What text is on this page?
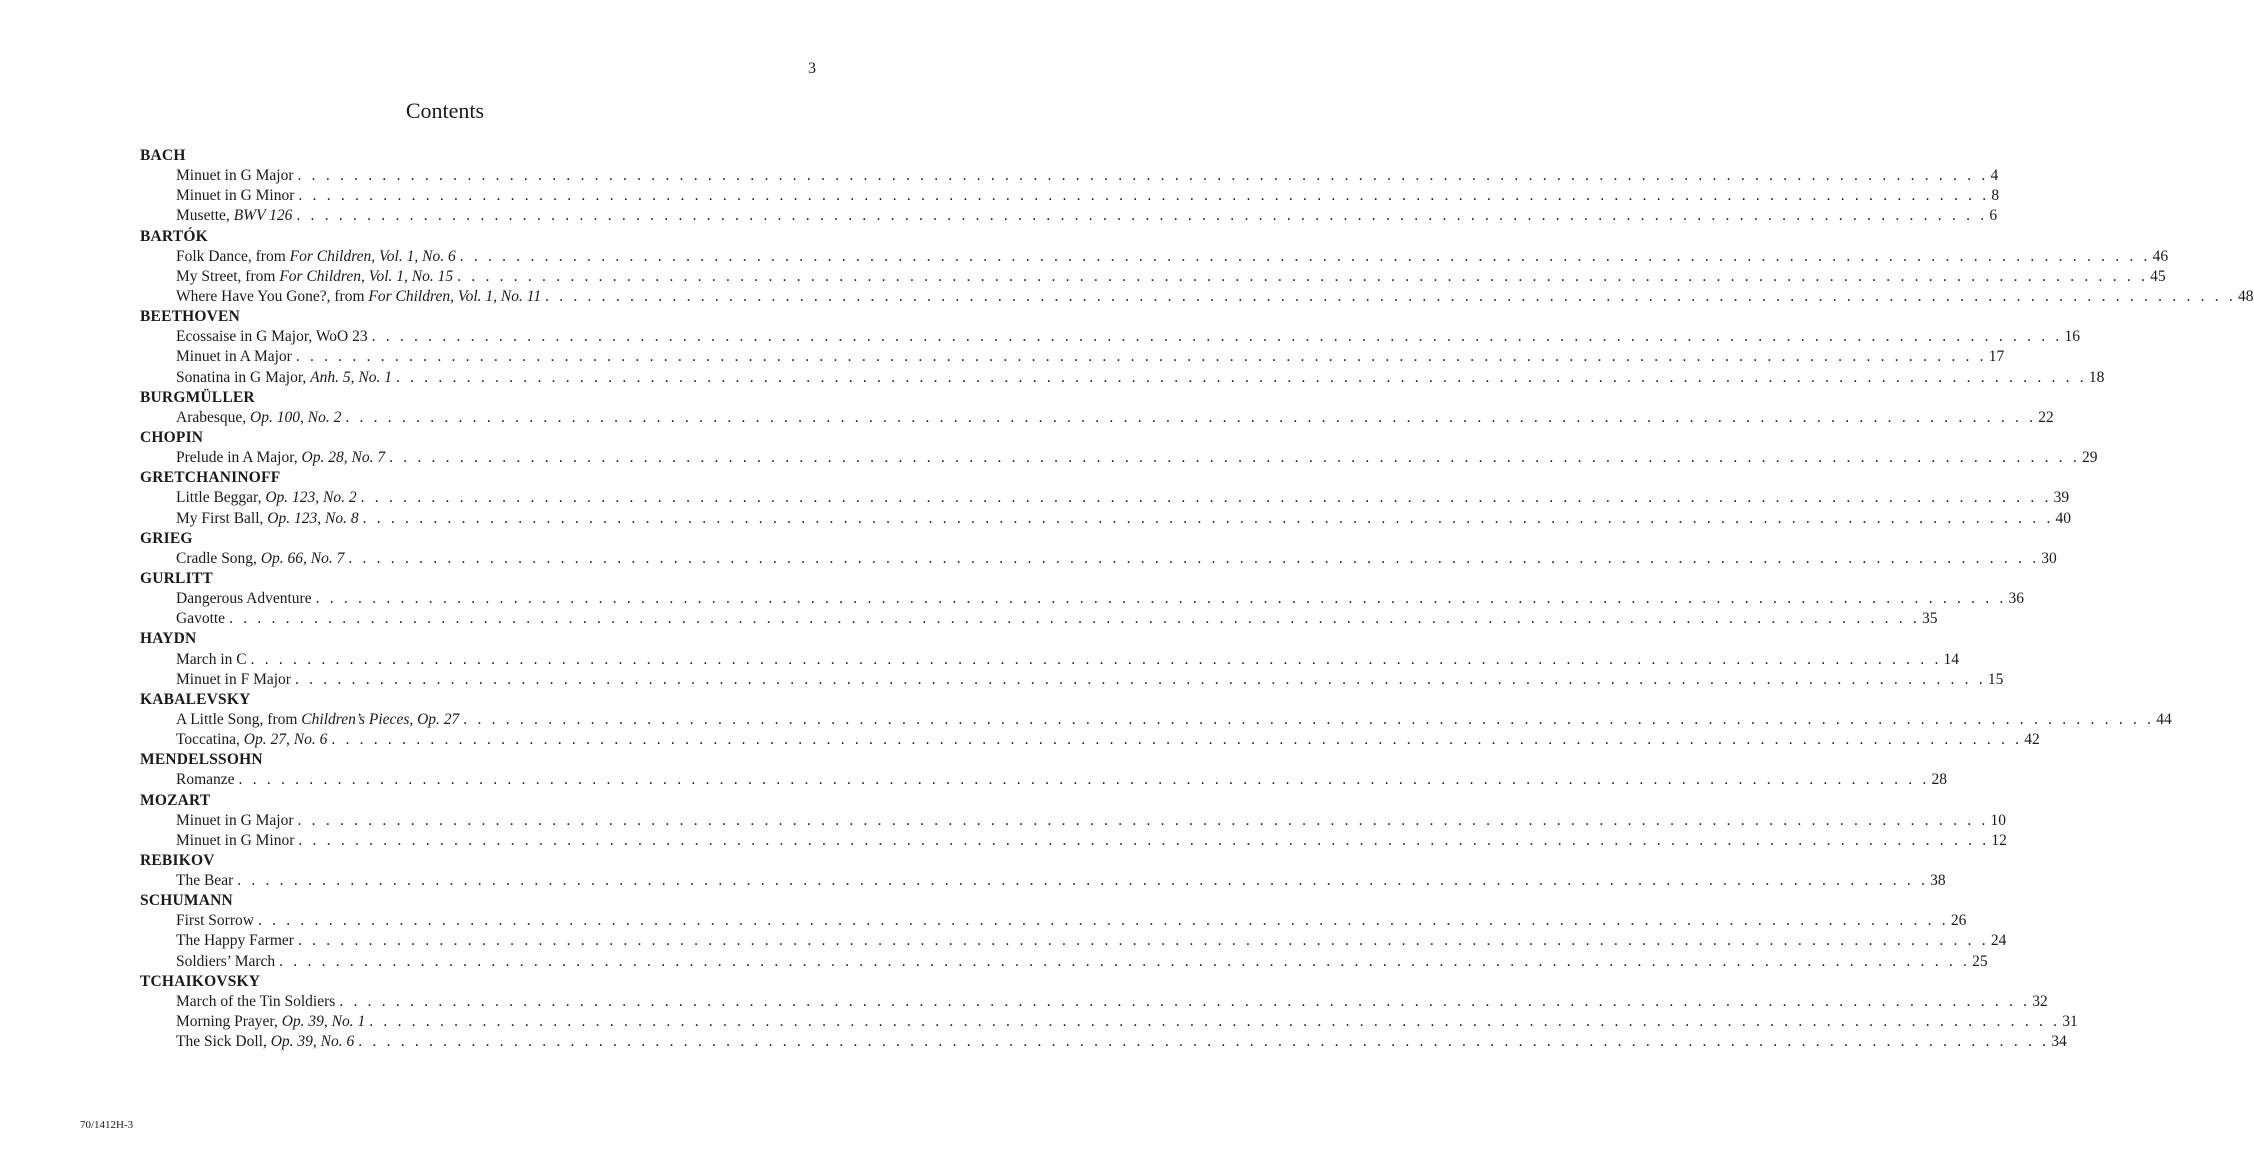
3
Contents
BACH
Minuet in G Major . . . . . . . . . . . . . . . . . . . . . . . . . . . . . . . . . . . . . . . . . . . . . . . . . . . . . . . . . . . . . . . . . . . . . . . . . . . . . . . . . . . . . . . . . . . . . . . . . . . . . . . . . . . . . . . . . . . . . . . . 4
Minuet in G Minor . . . . . . . . . . . . . . . . . . . . . . . . . . . . . . . . . . . . . . . . . . . . . . . . . . . . . . . . . . . . . . . . . . . . . . . . . . . . . . . . . . . . . . . . . . . . . . . . . . . . . . . . . . . . . . . . . . . . . . . . 8
Musette, BWV 126 . . . . . . . . . . . . . . . . . . . . . . . . . . . . . . . . . . . . . . . . . . . . . . . . . . . . . . . . . . . . . . . . . . . . . . . . . . . . . . . . . . . . . . . . . . . . . . . . . . . . . . . . . . . . . . . . . . . . . . . . 6
BARTÓK
Folk Dance, from For Children, Vol. 1, No. 6 . . . . . . . . . . . . . . . . . . . . . . . . . . . . . . . . . . . . . . . . . . . . . . . . . . . . . . . . . . . . . . . . . . . . . . . . . . . . . . . . . . . . . . . . . . . . . . . . . . . . . . . . . . . . . . . . . . . . . . . . 46
My Street, from For Children, Vol. 1, No. 15 . . . . . . . . . . . . . . . . . . . . . . . . . . . . . . . . . . . . . . . . . . . . . . . . . . . . . . . . . . . . . . . . . . . . . . . . . . . . . . . . . . . . . . . . . . . . . . . . . . . . . . . . . . . . . . . . . . . . . . . . 45
Where Have You Gone?, from For Children, Vol. 1, No. 11 . . . . . . . . . . . . . . . . . . . . . . . . . . . . . . . . . . . . . . . . . . . . . . . . . . . . . . . . . . . . . . . . . . . . . . . . . . . . . . . . . . . . . . . . . . . . . . . . . . . . . . . . . . . . . . . . . . . . . . . . 48
BEETHOVEN
Ecossaise in G Major, WoO 23 . . . . . . . . . . . . . . . . . . . . . . . . . . . . . . . . . . . . . . . . . . . . . . . . . . . . . . . . . . . . . . . . . . . . . . . . . . . . . . . . . . . . . . . . . . . . . . . . . . . . . . . . . . . . . . . . . . . . . . . . 16
Minuet in A Major . . . . . . . . . . . . . . . . . . . . . . . . . . . . . . . . . . . . . . . . . . . . . . . . . . . . . . . . . . . . . . . . . . . . . . . . . . . . . . . . . . . . . . . . . . . . . . . . . . . . . . . . . . . . . . . . . . . . . . . . 17
Sonatina in G Major, Anh. 5, No. 1 . . . . . . . . . . . . . . . . . . . . . . . . . . . . . . . . . . . . . . . . . . . . . . . . . . . . . . . . . . . . . . . . . . . . . . . . . . . . . . . . . . . . . . . . . . . . . . . . . . . . . . . . . . . . . . . . . . . . . . . . 18
BURGMÜLLER
Arabesque, Op. 100, No. 2 . . . . . . . . . . . . . . . . . . . . . . . . . . . . . . . . . . . . . . . . . . . . . . . . . . . . . . . . . . . . . . . . . . . . . . . . . . . . . . . . . . . . . . . . . . . . . . . . . . . . . . . . . . . . . . . . . . . . . . . . 22
CHOPIN
Prelude in A Major, Op. 28, No. 7 . . . . . . . . . . . . . . . . . . . . . . . . . . . . . . . . . . . . . . . . . . . . . . . . . . . . . . . . . . . . . . . . . . . . . . . . . . . . . . . . . . . . . . . . . . . . . . . . . . . . . . . . . . . . . . . . . . . . . . . . 29
GRETCHANINOFF
Little Beggar, Op. 123, No. 2 . . . . . . . . . . . . . . . . . . . . . . . . . . . . . . . . . . . . . . . . . . . . . . . . . . . . . . . . . . . . . . . . . . . . . . . . . . . . . . . . . . . . . . . . . . . . . . . . . . . . . . . . . . . . . . . . . . . . . . . . 39
My First Ball, Op. 123, No. 8 . . . . . . . . . . . . . . . . . . . . . . . . . . . . . . . . . . . . . . . . . . . . . . . . . . . . . . . . . . . . . . . . . . . . . . . . . . . . . . . . . . . . . . . . . . . . . . . . . . . . . . . . . . . . . . . . . . . . . . . . 40
GRIEG
Cradle Song, Op. 66, No. 7 . . . . . . . . . . . . . . . . . . . . . . . . . . . . . . . . . . . . . . . . . . . . . . . . . . . . . . . . . . . . . . . . . . . . . . . . . . . . . . . . . . . . . . . . . . . . . . . . . . . . . . . . . . . . . . . . . . . . . . . . 30
GURLITT
Dangerous Adventure . . . . . . . . . . . . . . . . . . . . . . . . . . . . . . . . . . . . . . . . . . . . . . . . . . . . . . . . . . . . . . . . . . . . . . . . . . . . . . . . . . . . . . . . . . . . . . . . . . . . . . . . . . . . . . . . . . . . . . . . 36
Gavotte . . . . . . . . . . . . . . . . . . . . . . . . . . . . . . . . . . . . . . . . . . . . . . . . . . . . . . . . . . . . . . . . . . . . . . . . . . . . . . . . . . . . . . . . . . . . . . . . . . . . . . . . . . . . . . . . . . . . . . . . 35
HAYDN
March in C . . . . . . . . . . . . . . . . . . . . . . . . . . . . . . . . . . . . . . . . . . . . . . . . . . . . . . . . . . . . . . . . . . . . . . . . . . . . . . . . . . . . . . . . . . . . . . . . . . . . . . . . . . . . . . . . . . . . . . . . 14
Minuet in F Major . . . . . . . . . . . . . . . . . . . . . . . . . . . . . . . . . . . . . . . . . . . . . . . . . . . . . . . . . . . . . . . . . . . . . . . . . . . . . . . . . . . . . . . . . . . . . . . . . . . . . . . . . . . . . . . . . . . . . . . . 15
KABALEVSKY
A Little Song, from Children’s Pieces, Op. 27 . . . . . . . . . . . . . . . . . . . . . . . . . . . . . . . . . . . . . . . . . . . . . . . . . . . . . . . . . . . . . . . . . . . . . . . . . . . . . . . . . . . . . . . . . . . . . . . . . . . . . . . . . . . . . . . . . . . . . . . . 44
Toccatina, Op. 27, No. 6 . . . . . . . . . . . . . . . . . . . . . . . . . . . . . . . . . . . . . . . . . . . . . . . . . . . . . . . . . . . . . . . . . . . . . . . . . . . . . . . . . . . . . . . . . . . . . . . . . . . . . . . . . . . . . . . . . . . . . . . . 42
MENDELSSOHN
Romanze . . . . . . . . . . . . . . . . . . . . . . . . . . . . . . . . . . . . . . . . . . . . . . . . . . . . . . . . . . . . . . . . . . . . . . . . . . . . . . . . . . . . . . . . . . . . . . . . . . . . . . . . . . . . . . . . . . . . . . . . 28
MOZART
Minuet in G Major . . . . . . . . . . . . . . . . . . . . . . . . . . . . . . . . . . . . . . . . . . . . . . . . . . . . . . . . . . . . . . . . . . . . . . . . . . . . . . . . . . . . . . . . . . . . . . . . . . . . . . . . . . . . . . . . . . . . . . . . 10
Minuet in G Minor . . . . . . . . . . . . . . . . . . . . . . . . . . . . . . . . . . . . . . . . . . . . . . . . . . . . . . . . . . . . . . . . . . . . . . . . . . . . . . . . . . . . . . . . . . . . . . . . . . . . . . . . . . . . . . . . . . . . . . . . 12
REBIKOV
The Bear . . . . . . . . . . . . . . . . . . . . . . . . . . . . . . . . . . . . . . . . . . . . . . . . . . . . . . . . . . . . . . . . . . . . . . . . . . . . . . . . . . . . . . . . . . . . . . . . . . . . . . . . . . . . . . . . . . . . . . . . 38
SCHUMANN
First Sorrow . . . . . . . . . . . . . . . . . . . . . . . . . . . . . . . . . . . . . . . . . . . . . . . . . . . . . . . . . . . . . . . . . . . . . . . . . . . . . . . . . . . . . . . . . . . . . . . . . . . . . . . . . . . . . . . . . . . . . . . . 26
The Happy Farmer . . . . . . . . . . . . . . . . . . . . . . . . . . . . . . . . . . . . . . . . . . . . . . . . . . . . . . . . . . . . . . . . . . . . . . . . . . . . . . . . . . . . . . . . . . . . . . . . . . . . . . . . . . . . . . . . . . . . . . . . 24
Soldiers’ March . . . . . . . . . . . . . . . . . . . . . . . . . . . . . . . . . . . . . . . . . . . . . . . . . . . . . . . . . . . . . . . . . . . . . . . . . . . . . . . . . . . . . . . . . . . . . . . . . . . . . . . . . . . . . . . . . . . . . . . . 25
TCHAIKOVSKY
March of the Tin Soldiers . . . . . . . . . . . . . . . . . . . . . . . . . . . . . . . . . . . . . . . . . . . . . . . . . . . . . . . . . . . . . . . . . . . . . . . . . . . . . . . . . . . . . . . . . . . . . . . . . . . . . . . . . . . . . . . . . . . . . . . . 32
Morning Prayer, Op. 39, No. 1 . . . . . . . . . . . . . . . . . . . . . . . . . . . . . . . . . . . . . . . . . . . . . . . . . . . . . . . . . . . . . . . . . . . . . . . . . . . . . . . . . . . . . . . . . . . . . . . . . . . . . . . . . . . . . . . . . . . . . . . . 31
The Sick Doll, Op. 39, No. 6 . . . . . . . . . . . . . . . . . . . . . . . . . . . . . . . . . . . . . . . . . . . . . . . . . . . . . . . . . . . . . . . . . . . . . . . . . . . . . . . . . . . . . . . . . . . . . . . . . . . . . . . . . . . . . . . . . . . . . . . . 34
70/1412H-3
